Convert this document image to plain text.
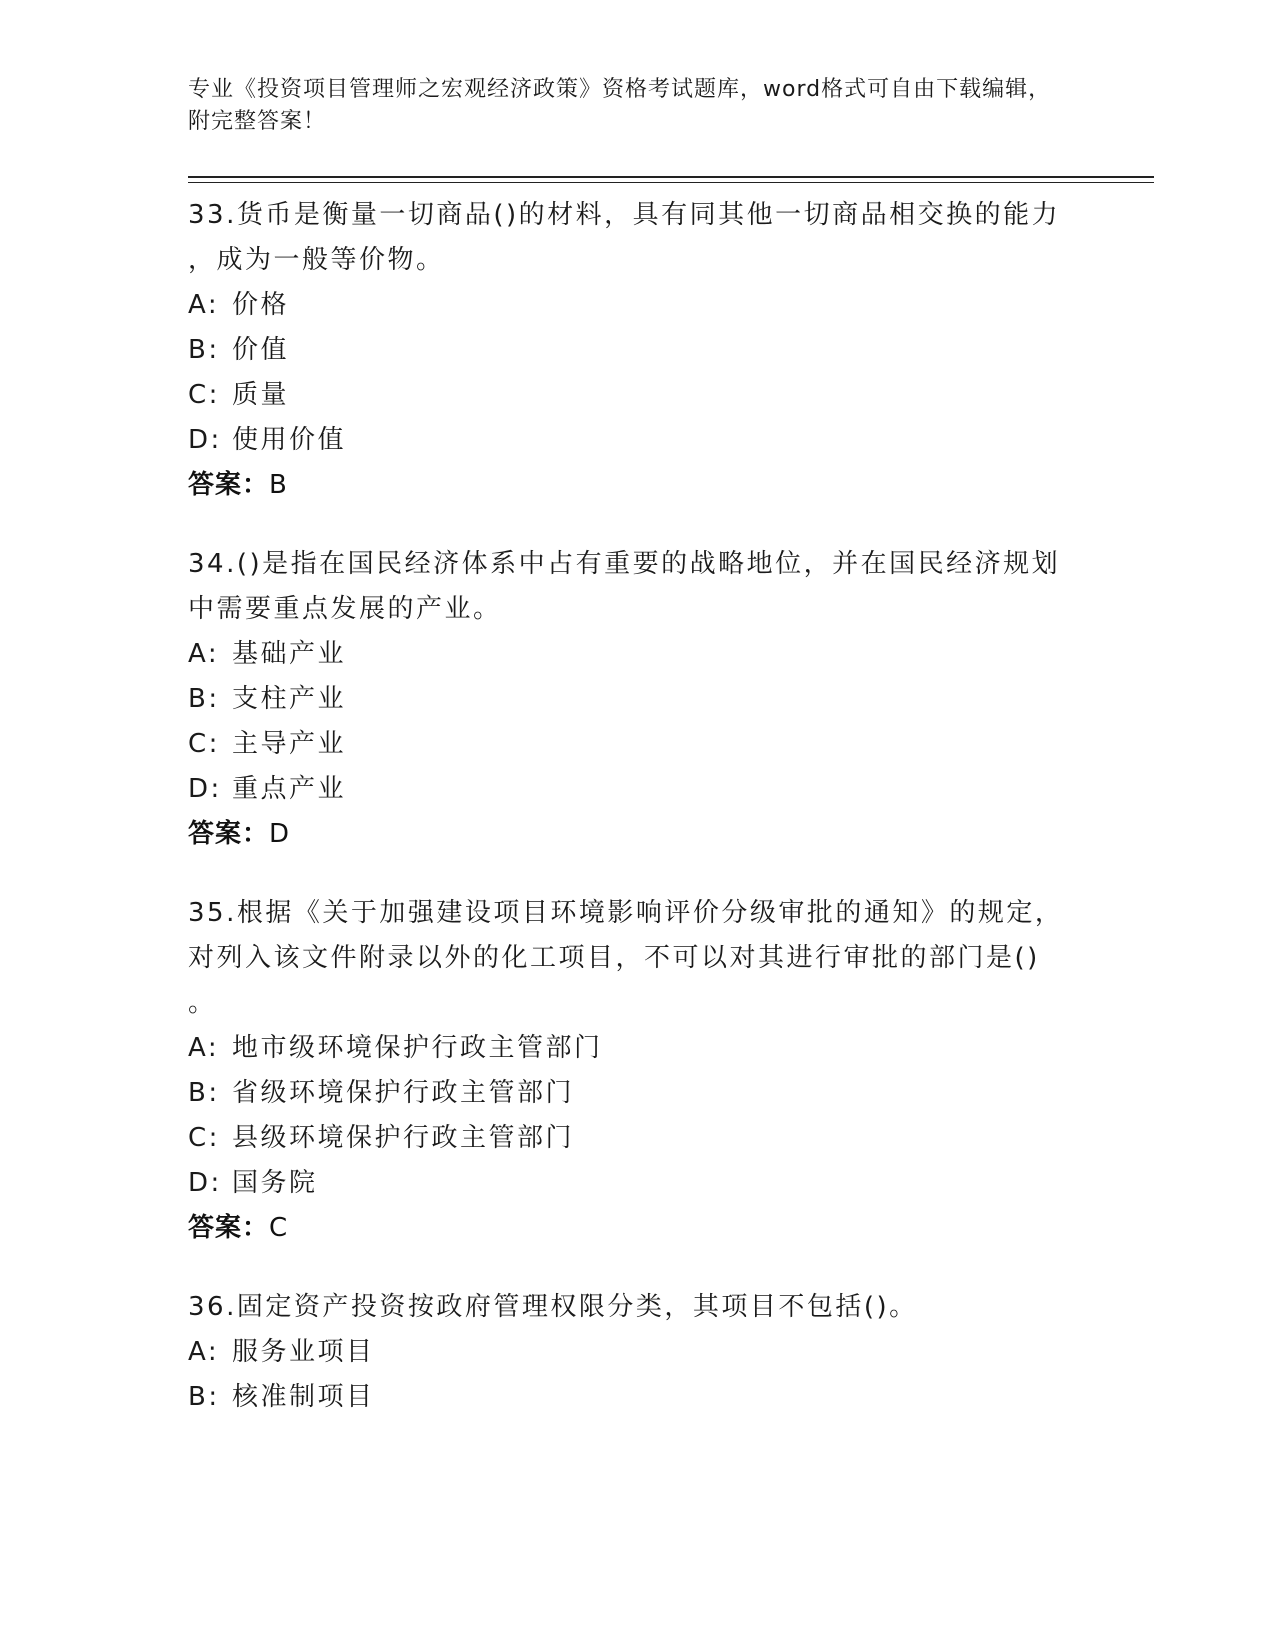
专业《投资项目管理师之宏观经济政策》资格考试题库，word格式可自由下载编辑，附完整答案！
33.货币是衡量一切商品()的材料，具有同其他一切商品相交换的能力
，成为一般等价物。
A: 价格
B: 价值
C: 质量
D: 使用价值
答案：B
34.()是指在国民经济体系中占有重要的战略地位，并在国民经济规划
中需要重点发展的产业。
A: 基础产业
B: 支柱产业
C: 主导产业
D: 重点产业
答案：D
35.根据《关于加强建设项目环境影响评价分级审批的通知》的规定，
对列入该文件附录以外的化工项目，不可以对其进行审批的部门是()
。
A: 地市级环境保护行政主管部门
B: 省级环境保护行政主管部门
C: 县级环境保护行政主管部门
D: 国务院
答案：C
36.固定资产投资按政府管理权限分类，其项目不包括()。
A: 服务业项目
B: 核准制项目
